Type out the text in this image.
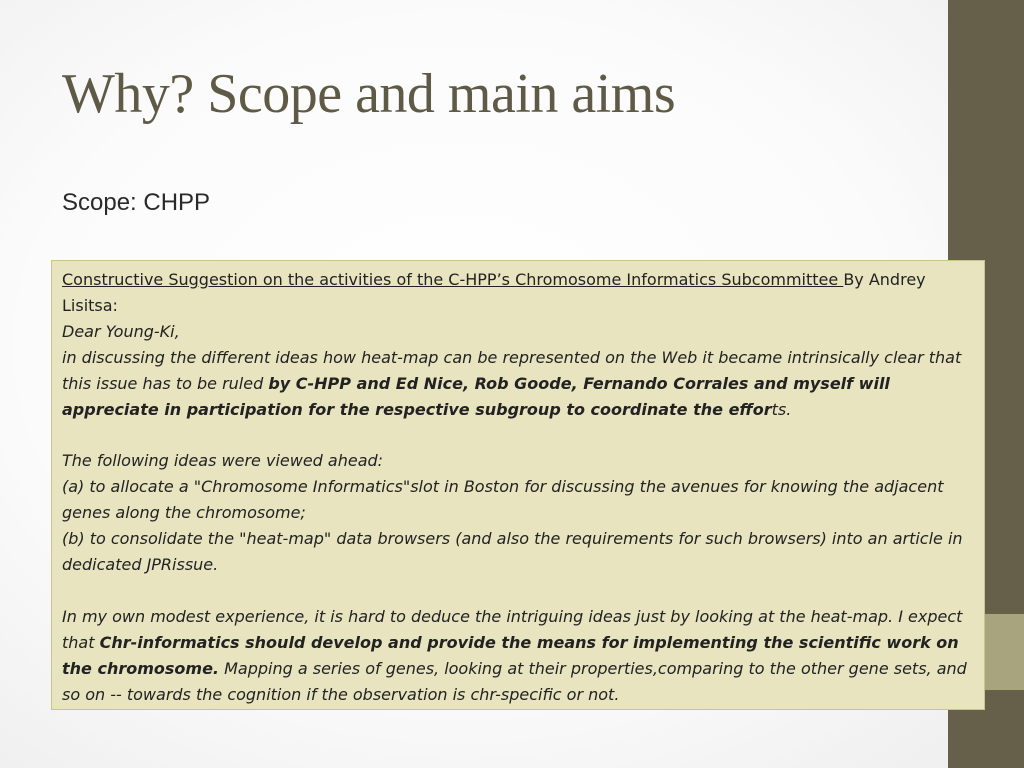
Why? Scope and main aims

Scope: CHPP

Constructive Suggestion on the activities of the C-HPP’s Chromosome Informatics Subcommittee By Andrey Lisitsa:

Dear Young-Ki,

in discussing the different ideas how heat-map can be represented on the Web it became intrinsically clear that this issue has to be ruled by C-HPP and Ed Nice, Rob Goode, Fernando Corrales and myself will appreciate in participation for the respective subgroup to coordinate the efforts.

The following ideas were viewed ahead:

(a) to allocate a "Chromosome Informatics"slot in Boston for discussing the avenues for knowing the adjacent genes along the chromosome;

(b) to consolidate the "heat-map" data browsers (and also the requirements for such browsers) into an article in dedicated JPRissue.

In my own modest experience, it is hard to deduce the intriguing ideas just by looking at the heat-map. I expect that Chr-informatics should develop and provide the means for implementing the scientific work on the chromosome. Mapping a series of genes, looking at their properties,comparing to the other gene sets, and so on -- towards the cognition if the observation is chr-specific or not.
